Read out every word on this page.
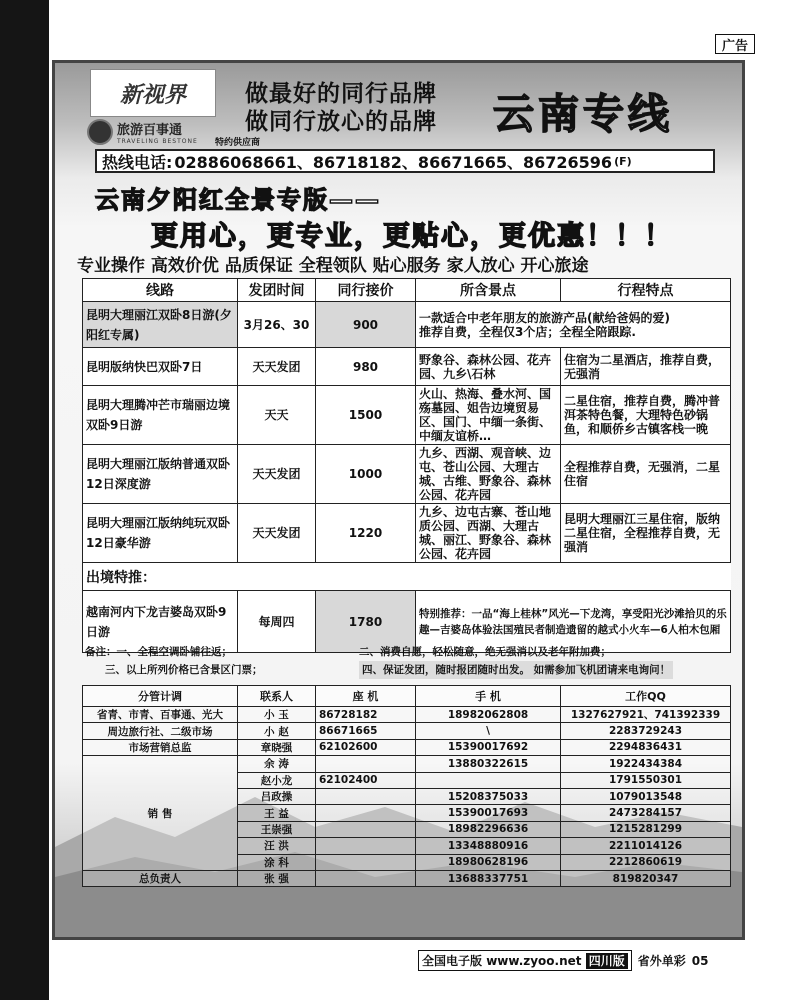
广告
新视界
旅游百事通
TRAVELING BESTONE 特约供应商
做最好的同行品牌
做同行放心的品牌 云南专线
热线电话: 02886068661、86718182、86671665、86726596 (F)
云南夕阳红全景专版——
更用心，更专业，更贴心，更优惠！！！
专业操作 高效价优 品质保证 全程领队 贴心服务 家人放心 开心旅途
线路	发团时间	同行接价	所含景点	行程特点
昆明大理丽江双卧8日游(夕阳红专属)	3月26、30	900	一款适合中老年朋友的旅游产品(献给爸妈的爱)
推荐自费，全程仅3个店；全程全陪跟踪.	

昆明版纳快巴双卧7日	天天发团	980	野象谷、森林公园、花卉园、九乡\石林	住宿为二星酒店，推荐自费，无强消
昆明大理腾冲芒市瑞丽边境双卧9日游	天天	1500	火山、热海、叠水河、国殇墓园、姐告边境贸易区、国门、中缅一条街、中缅友谊桥…	二星住宿，推荐自费，腾冲普洱茶特色餐，大理特色砂锅鱼，和顺侨乡古镇客栈一晚
昆明大理丽江版纳普通双卧12日深度游	天天发团	1000	九乡、西湖、观音峡、边屯、苍山公园、大理古城、古维、野象谷、森林公园、花卉园	全程推荐自费，无强消，二星住宿
昆明大理丽江版纳纯玩双卧12日豪华游	天天发团	1220	九乡、边屯古寨、苍山地质公园、西湖、大理古城、丽江、野象谷、森林公园、花卉园	昆明大理丽江三星住宿，版纳二星住宿，全程推荐自费，无强消
出境特推：				
越南河内下龙吉婆岛双卧9日游	每周四	1780	特别推荐：一品“海上桂林”风光—下龙湾，享受阳光沙滩拾贝的乐趣—吉婆岛体验法国殖民者制造遗留的越式小火车—6人柏木包厢	
备注：一、全程空调卧铺往返；	二、消费自愿，轻松随意，绝无强消以及老年附加费；
三、以上所列价格已含景区门票；	四、保证发团，随时报团随时出发。 如需参加飞机团请来电询问！
分管计调	联系人	座 机	手 机	工作QQ
省青、市青、百事通、光大	小 玉	86728182	18982062808	1327627921、741392339
周边旅行社、二级市场	小 赵	86671665	\	2283729243
市场营销总监	章晓强	62102600	15390017692	2294836431
销 售	余 涛		13880322615	1922434384
	赵小龙	62102400		1791550301
	吕政操		15208375033	1079013548
	王 益		15390017693	2473284157
	王崇强		18982296636	1215281299
	汪 洪		13348880916	2211014126
	涂 科		18980628196	2212860619
总负责人	张 强		13688337751	819820347
全国电子版 www.zyoo.net 四川版	省外单彩 05
